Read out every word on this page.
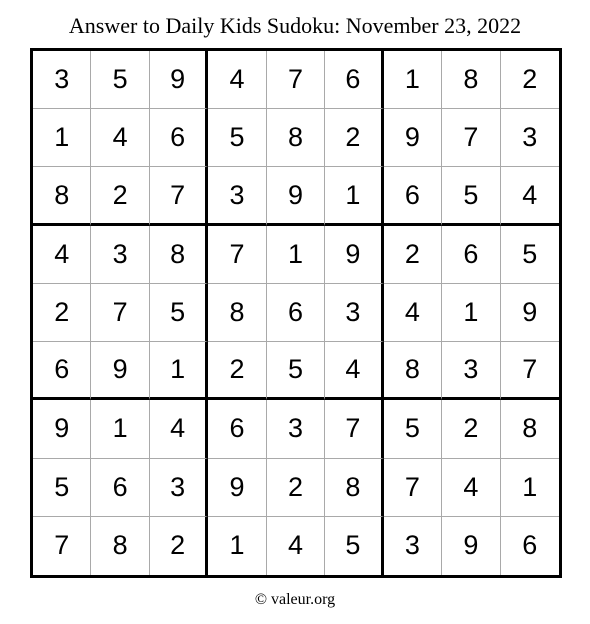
Answer to Daily Kids Sudoku: November 23, 2022
3	5	9	4	7	6	1	8	2
1	4	6	5	8	2	9	7	3
8	2	7	3	9	1	6	5	4
4	3	8	7	1	9	2	6	5
2	7	5	8	6	3	4	1	9
6	9	1	2	5	4	8	3	7
9	1	4	6	3	7	5	2	8
5	6	3	9	2	8	7	4	1
7	8	2	1	4	5	3	9	6
© valeur.org
